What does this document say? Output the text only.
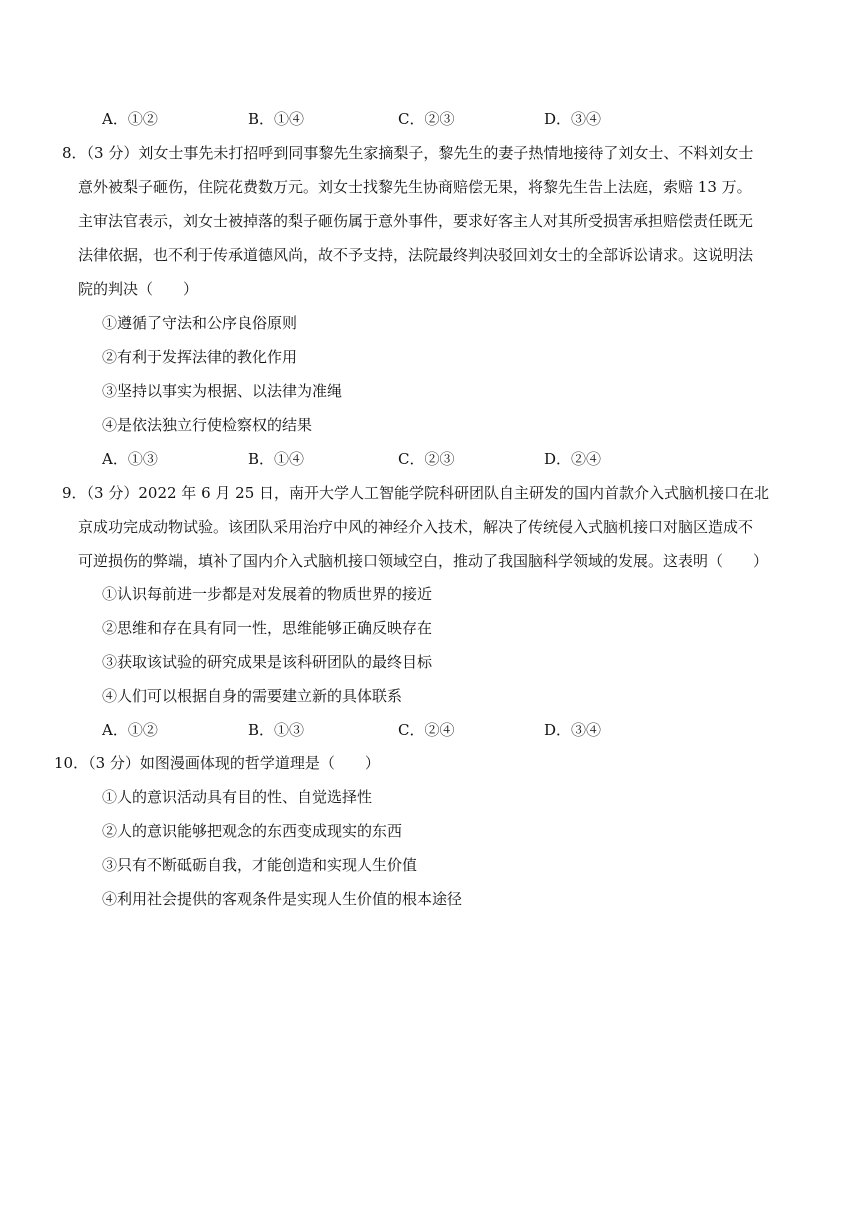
A．①②	B．①④	C．②③	D．③④
8．（3 分）刘女士事先未打招呼到同事黎先生家摘梨子，黎先生的妻子热情地接待了刘女士、不料刘女士
意外被梨子砸伤，住院花费数万元。刘女士找黎先生协商赔偿无果，将黎先生告上法庭，索赔 13 万。
主审法官表示，刘女士被掉落的梨子砸伤属于意外事件，要求好客主人对其所受损害承担赔偿责任既无
法律依据，也不利于传承道德风尚，故不予支持，法院最终判决驳回刘女士的全部诉讼请求。这说明法
院的判决（　　）
①遵循了守法和公序良俗原则
②有利于发挥法律的教化作用
③坚持以事实为根据、以法律为准绳
④是依法独立行使检察权的结果
A．①③	B．①④	C．②③	D．②④
9．（3 分）2022 年 6 月 25 日，南开大学人工智能学院科研团队自主研发的国内首款介入式脑机接口在北
京成功完成动物试验。该团队采用治疗中风的神经介入技术，解决了传统侵入式脑机接口对脑区造成不
可逆损伤的弊端，填补了国内介入式脑机接口领域空白，推动了我国脑科学领域的发展。这表明（　　）
①认识每前进一步都是对发展着的物质世界的接近
②思维和存在具有同一性，思维能够正确反映存在
③获取该试验的研究成果是该科研团队的最终目标
④人们可以根据自身的需要建立新的具体联系
A．①②	B．①③	C．②④	D．③④
10．（3 分）如图漫画体现的哲学道理是（　　）
①人的意识活动具有目的性、自觉选择性
②人的意识能够把观念的东西变成现实的东西
③只有不断砥砺自我，才能创造和实现人生价值
④利用社会提供的客观条件是实现人生价值的根本途径
